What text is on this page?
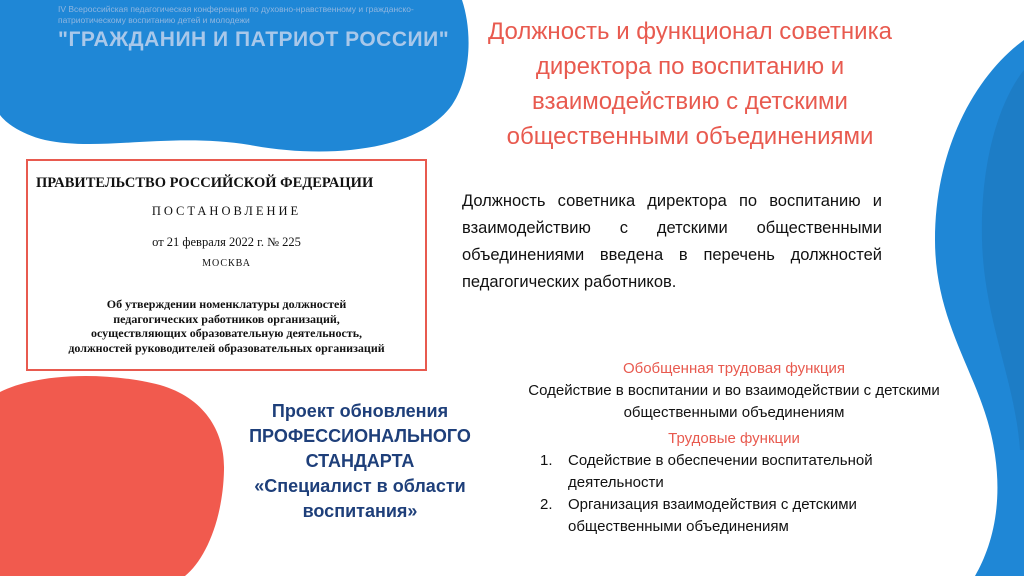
IV Всероссийская педагогическая конференция по духовно-нравственному и гражданско-патриотическому воспитанию детей и молодежи
"ГРАЖДАНИН И ПАТРИОТ РОССИИ"	Должность и функционал советника директора по воспитанию и взаимодействию с детскими общественными объединениями
ПРАВИТЕЛЬСТВО РОССИЙСКОЙ ФЕДЕРАЦИИ
ПОСТАНОВЛЕНИЕ
от 21 февраля 2022 г. № 225
МОСКВА
Об утверждении номенклатуры должностей
педагогических работников организаций,
осуществляющих образовательную деятельность,
должностей руководителей образовательных организаций
Должность советника директора по воспитанию и взаимодействию с детскими общественными объединениями введена в перечень должностей педагогических работников.
Проект обновления
ПРОФЕССИОНАЛЬНОГО
СТАНДАРТА
«Специалист в области
воспитания»
Обобщенная трудовая функция
Содействие в воспитании и во взаимодействии с детскими общественными объединениям
Трудовые функции
1.	Содействие в обеспечении воспитательной деятельности
2.	Организация взаимодействия с детскими общественными объединениям
